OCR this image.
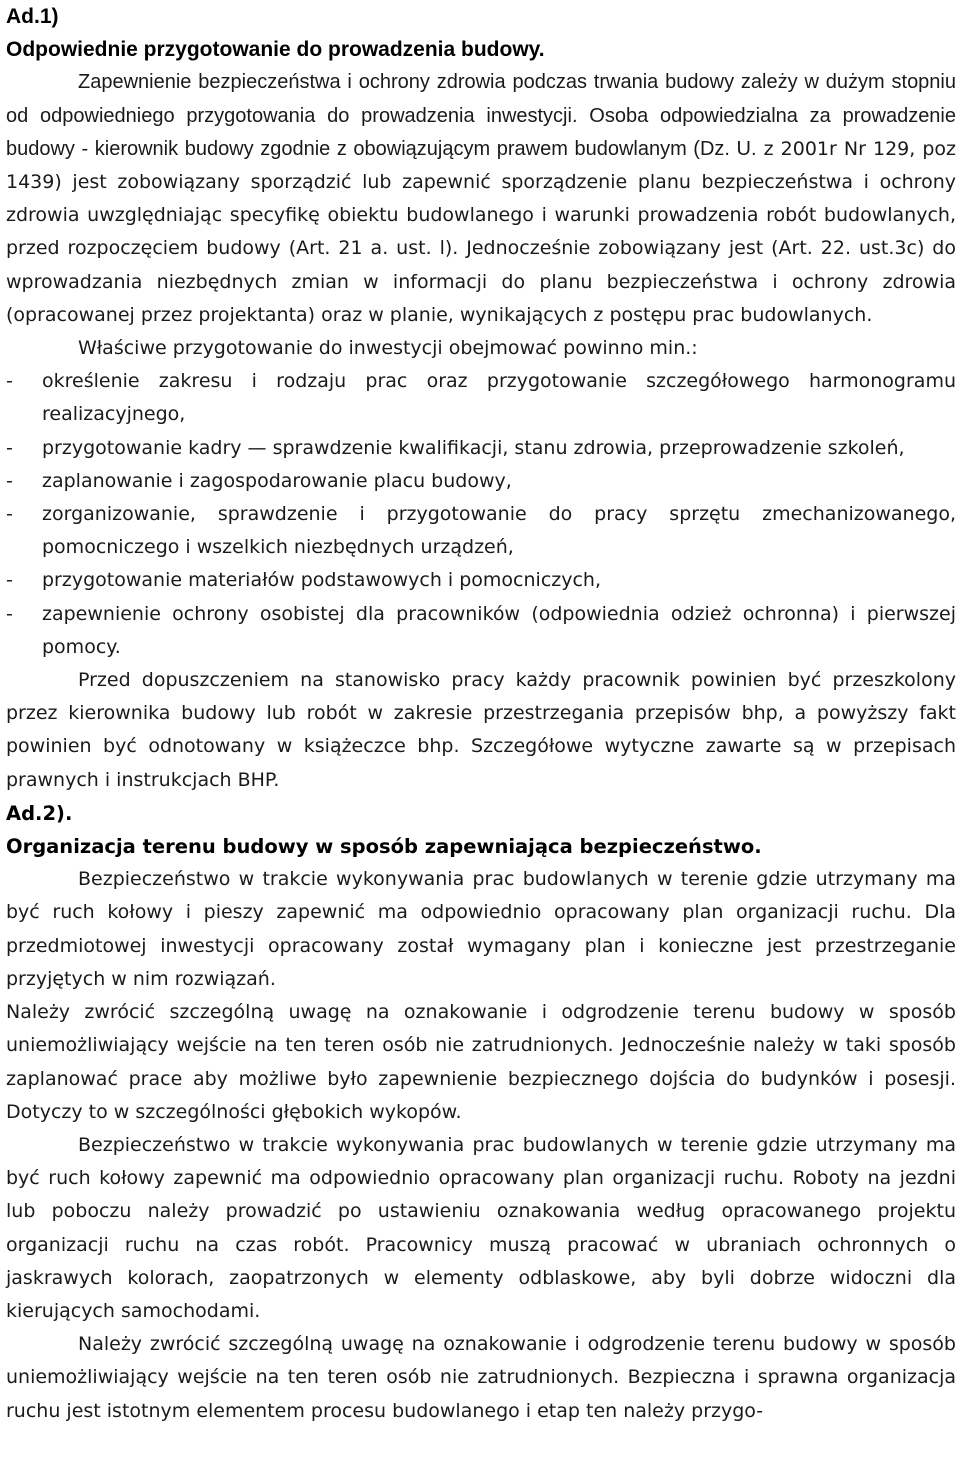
Ad.1)
Odpowiednie przygotowanie do prowadzenia budowy.

Zapewnienie bezpieczeństwa i ochrony zdrowia podczas trwania budowy zależy w dużym stopniu od odpowiedniego przygotowania do prowadzenia inwestycji. Osoba odpowiedzialna za prowadzenie budowy - kierownik budowy zgodnie z obowiązującym prawem budowlanym (Dz. U. z 2001r Nr 129, poz 1439) jest zobowiązany sporządzić lub zapewnić sporządzenie planu bezpieczeństwa i ochrony zdrowia uwzględniając specyfikę obiektu budowlanego i warunki prowadzenia robót budowlanych, przed rozpoczęciem budowy (Art. 21 a. ust. l). Jednocześnie zobowiązany jest (Art. 22. ust.3c) do wprowadzania niezbędnych zmian w informacji do planu bezpieczeństwa i ochrony zdrowia (opracowanej przez projektanta) oraz w planie, wynikających z postępu prac budowlanych.

Właściwe przygotowanie do inwestycji obejmować powinno min.:

- określenie zakresu i rodzaju prac oraz przygotowanie szczegółowego harmonogramu realizacyjnego,
- przygotowanie kadry — sprawdzenie kwalifikacji, stanu zdrowia, przeprowadzenie szkoleń,
- zaplanowanie i zagospodarowanie placu budowy,
- zorganizowanie, sprawdzenie i przygotowanie do pracy sprzętu zmechanizowanego, pomocniczego i wszelkich niezbędnych urządzeń,
- przygotowanie materiałów podstawowych i pomocniczych,
- zapewnienie ochrony osobistej dla pracowników (odpowiednia odzież ochronna) i pierwszej pomocy.

Przed dopuszczeniem na stanowisko pracy każdy pracownik powinien być przeszkolony przez kierownika budowy lub robót w zakresie przestrzegania przepisów bhp, a powyższy fakt powinien być odnotowany w książeczce bhp. Szczegółowe wytyczne zawarte są w przepisach prawnych i instrukcjach BHP.

Ad.2).
Organizacja terenu budowy w sposób zapewniająca bezpieczeństwo.

Bezpieczeństwo w trakcie wykonywania prac budowlanych w terenie gdzie utrzymany ma być ruch kołowy i pieszy zapewnić ma odpowiednio opracowany plan organizacji ruchu. Dla przedmiotowej inwestycji opracowany został wymagany plan i konieczne jest przestrzeganie przyjętych w nim rozwiązań.

Należy zwrócić szczególną uwagę na oznakowanie i odgrodzenie terenu budowy w sposób uniemożliwiający wejście na ten teren osób nie zatrudnionych. Jednocześnie należy w taki sposób zaplanować prace aby możliwe było zapewnienie bezpiecznego dojścia do budynków i posesji. Dotyczy to w szczególności głębokich wykopów.

Bezpieczeństwo w trakcie wykonywania prac budowlanych w terenie gdzie utrzymany ma być ruch kołowy zapewnić ma odpowiednio opracowany plan organizacji ruchu. Roboty na jezdni lub poboczu należy prowadzić po ustawieniu oznakowania według opracowanego projektu organizacji ruchu na czas robót. Pracownicy muszą pracować w ubraniach ochronnych o jaskrawych kolorach, zaopatrzonych w elementy odblaskowe, aby byli dobrze widoczni dla kierujących samochodami.

Należy zwrócić szczególną uwagę na oznakowanie i odgrodzenie terenu budowy w sposób uniemożliwiający wejście na ten teren osób nie zatrudnionych. Bezpieczna i sprawna organizacja ruchu jest istotnym elementem procesu budowlanego i etap ten należy przygo-
